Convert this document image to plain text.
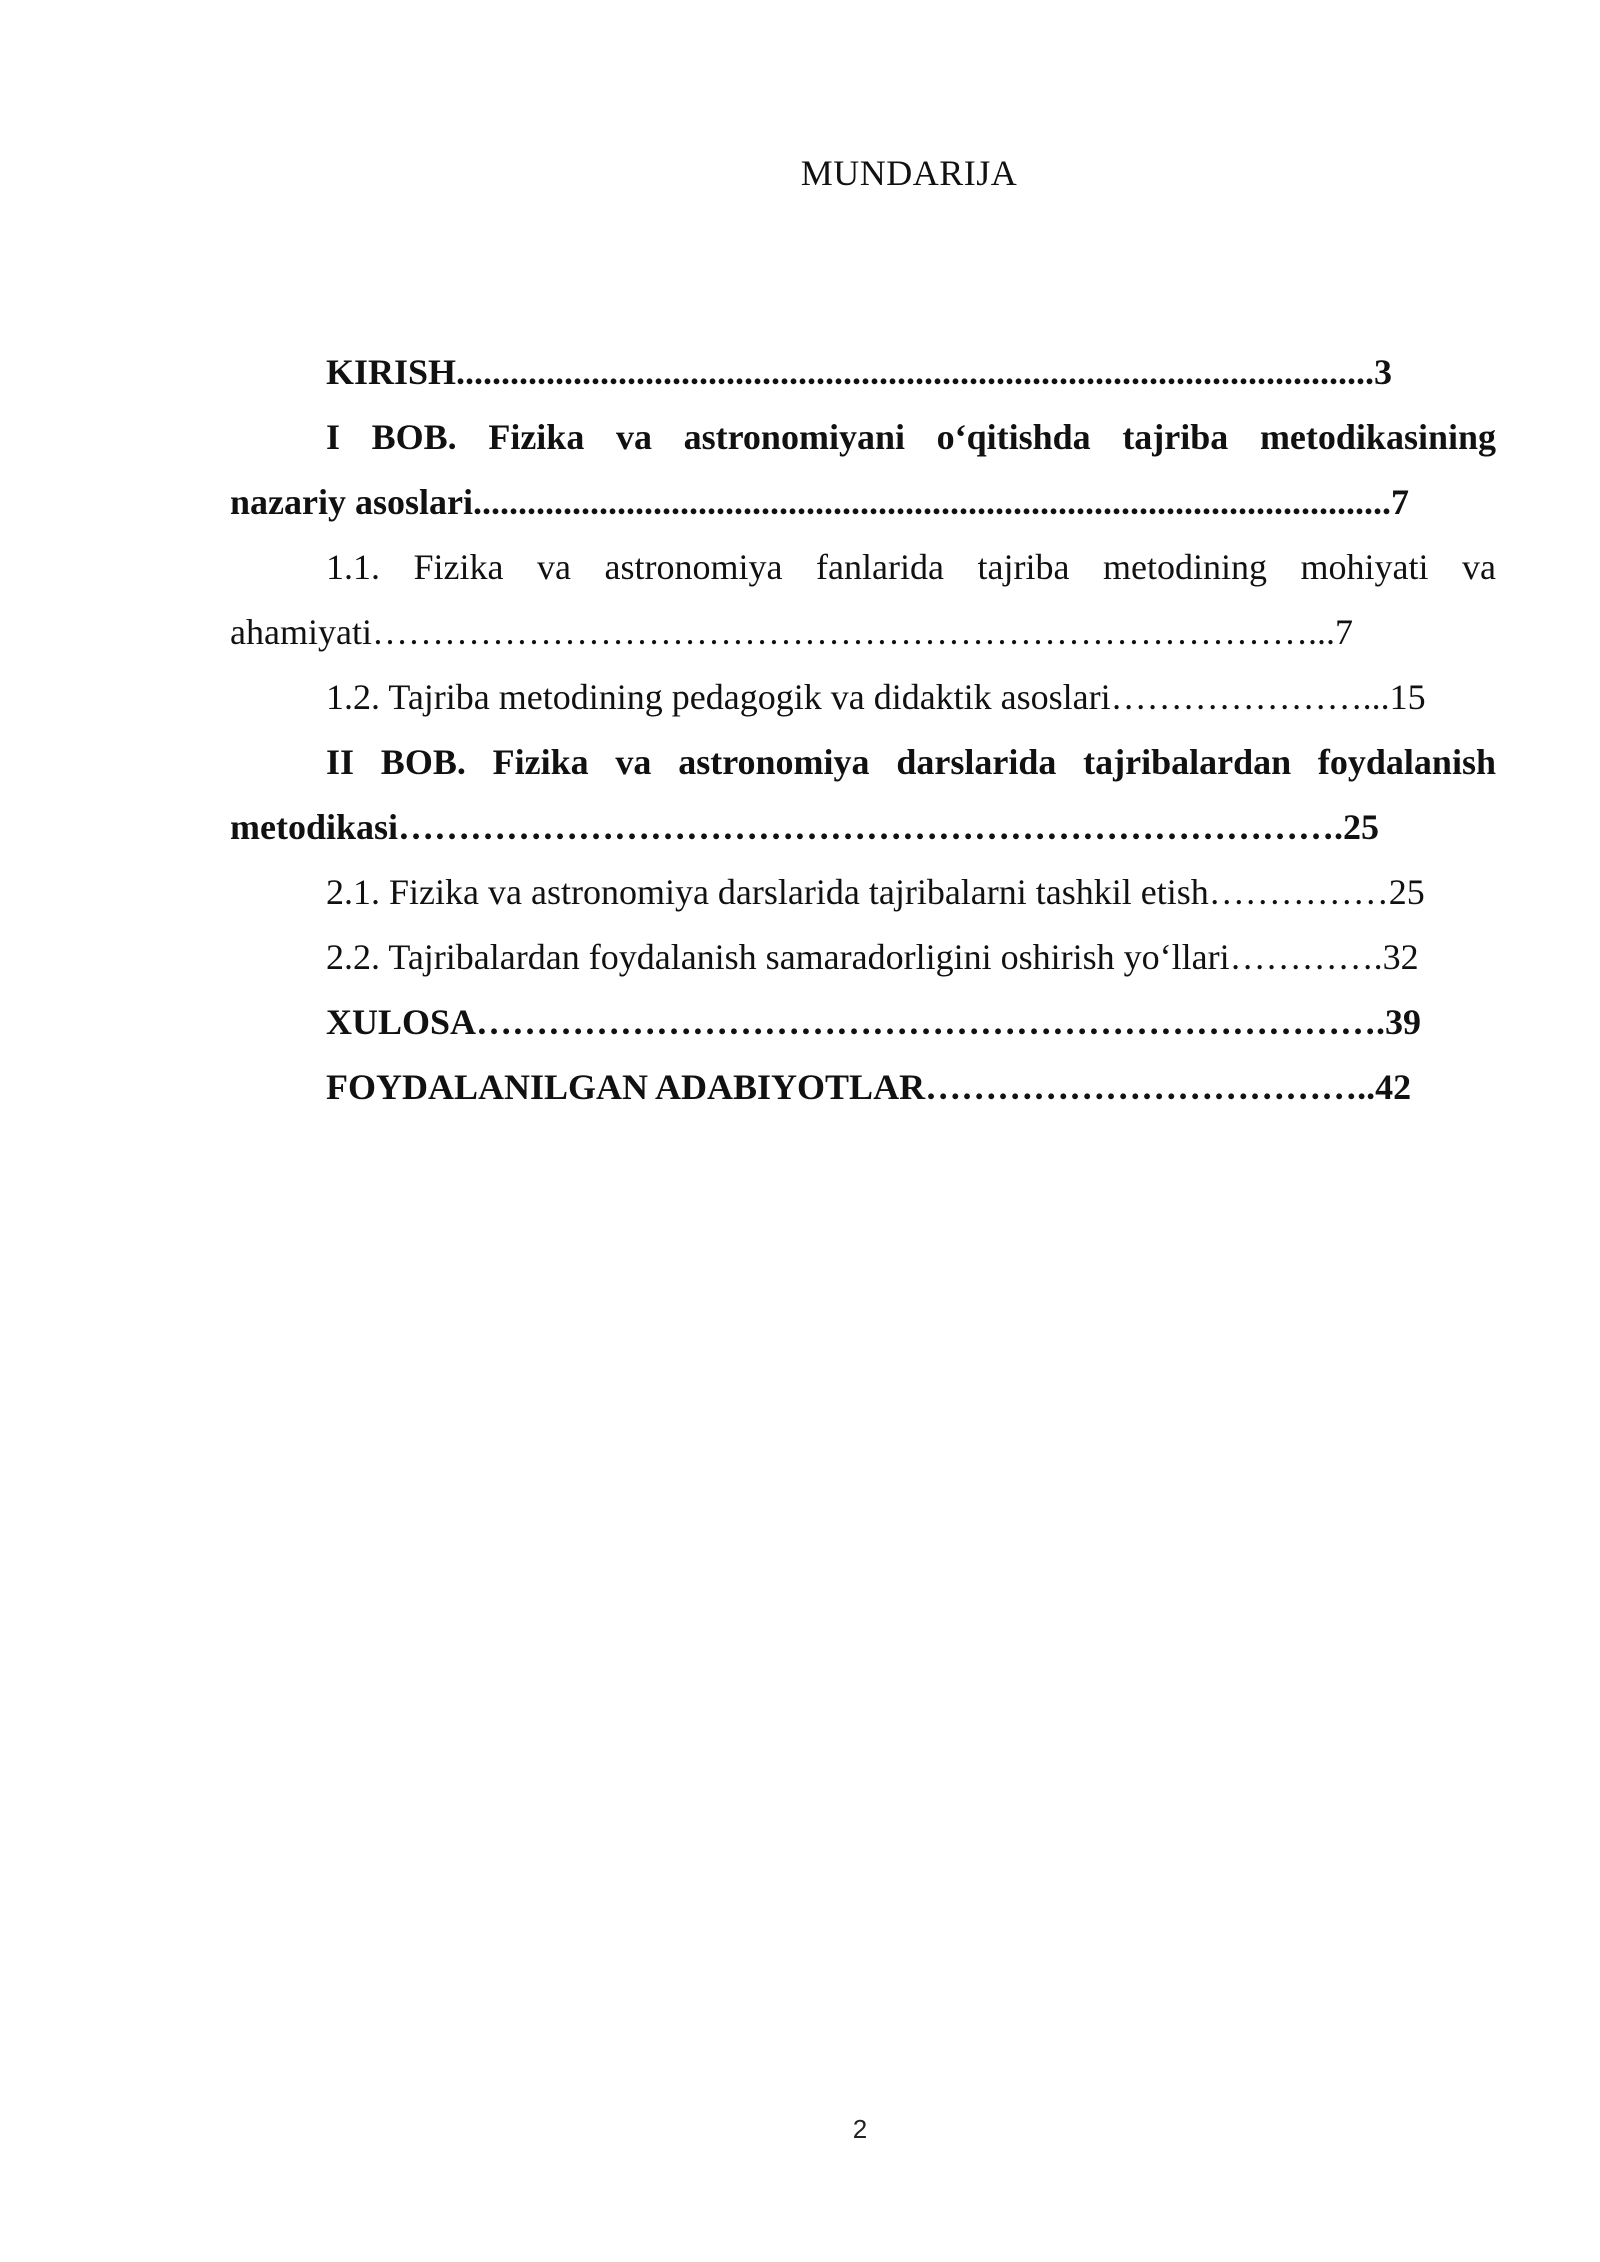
MUNDARIJA
KIRISH ...................................................................................................... 3
I BOB. Fizika va astronomiyani o‘qitishda tajriba metodikasining
nazariy asoslari ...................................................................................................... 7
1.1. Fizika va astronomiya fanlarida tajriba metodining mohiyati va
ahamiyati ……………………………………………………………………. ..7
1.2. Tajriba metodining pedagogik va didaktik asoslari …………………. ..15
II BOB. Fizika va astronomiya darslarida tajribalardan foydalanish
metodikasi …………………………………………………………………… .25
2.1. Fizika va astronomiya darslarida tajribalarni tashkil etish …………… 25
2.2. Tajribalardan foydalanish samaradorligini oshirish yo‘llari …………. 32
XULOSA ………………………………………………………………… .39
FOYDALANILGAN ADABIYOTLAR ………………………………. .42
2
